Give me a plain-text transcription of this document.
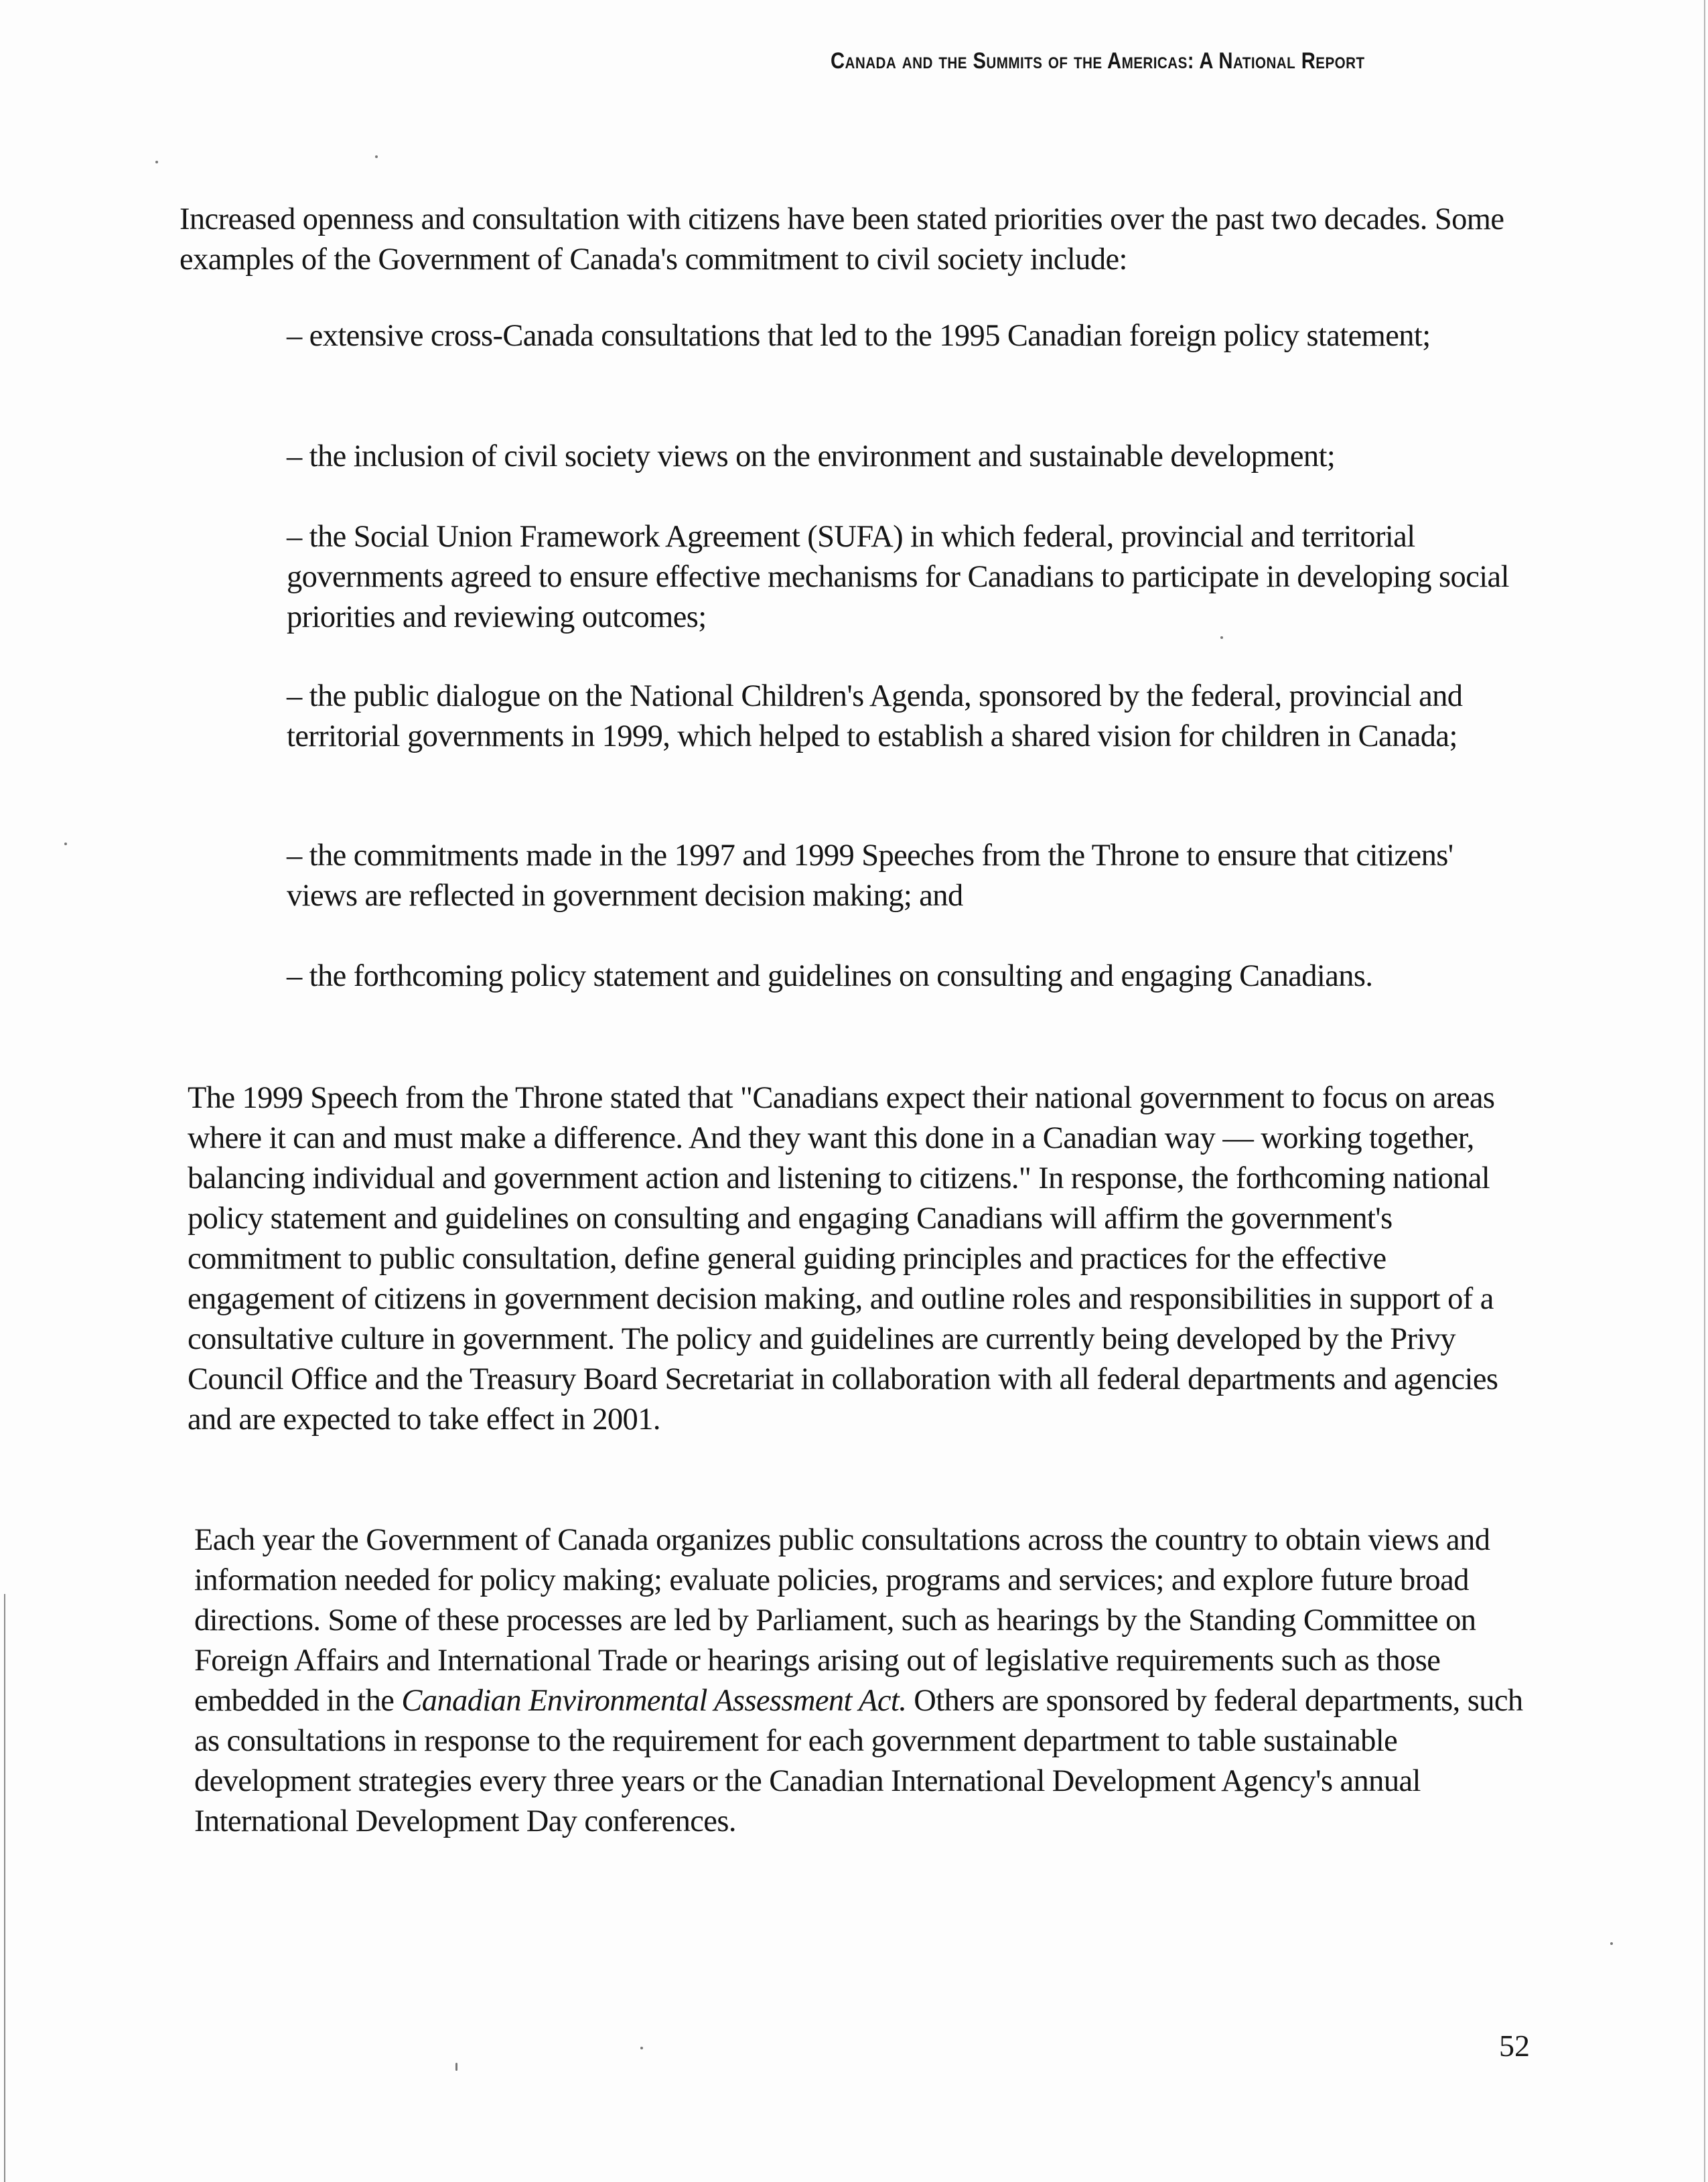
Canada and the Summits of the Americas: A National Report

Increased openness and consultation with citizens have been stated priorities over the past two decades. Some examples of the Government of Canada's commitment to civil society include:

– extensive cross-Canada consultations that led to the 1995 Canadian foreign policy statement;

– the inclusion of civil society views on the environment and sustainable development;

– the Social Union Framework Agreement (SUFA) in which federal, provincial and territorial governments agreed to ensure effective mechanisms for Canadians to participate in developing social priorities and reviewing outcomes;

– the public dialogue on the National Children's Agenda, sponsored by the federal, provincial and territorial governments in 1999, which helped to establish a shared vision for children in Canada;

– the commitments made in the 1997 and 1999 Speeches from the Throne to ensure that citizens' views are reflected in government decision making; and

– the forthcoming policy statement and guidelines on consulting and engaging Canadians.

The 1999 Speech from the Throne stated that "Canadians expect their national government to focus on areas where it can and must make a difference. And they want this done in a Canadian way — working together, balancing individual and government action and listening to citizens." In response, the forthcoming national policy statement and guidelines on consulting and engaging Canadians will affirm the government's commitment to public consultation, define general guiding principles and practices for the effective engagement of citizens in government decision making, and outline roles and responsibilities in support of a consultative culture in government. The policy and guidelines are currently being developed by the Privy Council Office and the Treasury Board Secretariat in collaboration with all federal departments and agencies and are expected to take effect in 2001.

Each year the Government of Canada organizes public consultations across the country to obtain views and information needed for policy making; evaluate policies, programs and services; and explore future broad directions. Some of these processes are led by Parliament, such as hearings by the Standing Committee on Foreign Affairs and International Trade or hearings arising out of legislative requirements such as those embedded in the Canadian Environmental Assessment Act. Others are sponsored by federal departments, such as consultations in response to the requirement for each government department to table sustainable development strategies every three years or the Canadian International Development Agency's annual International Development Day conferences.

52
